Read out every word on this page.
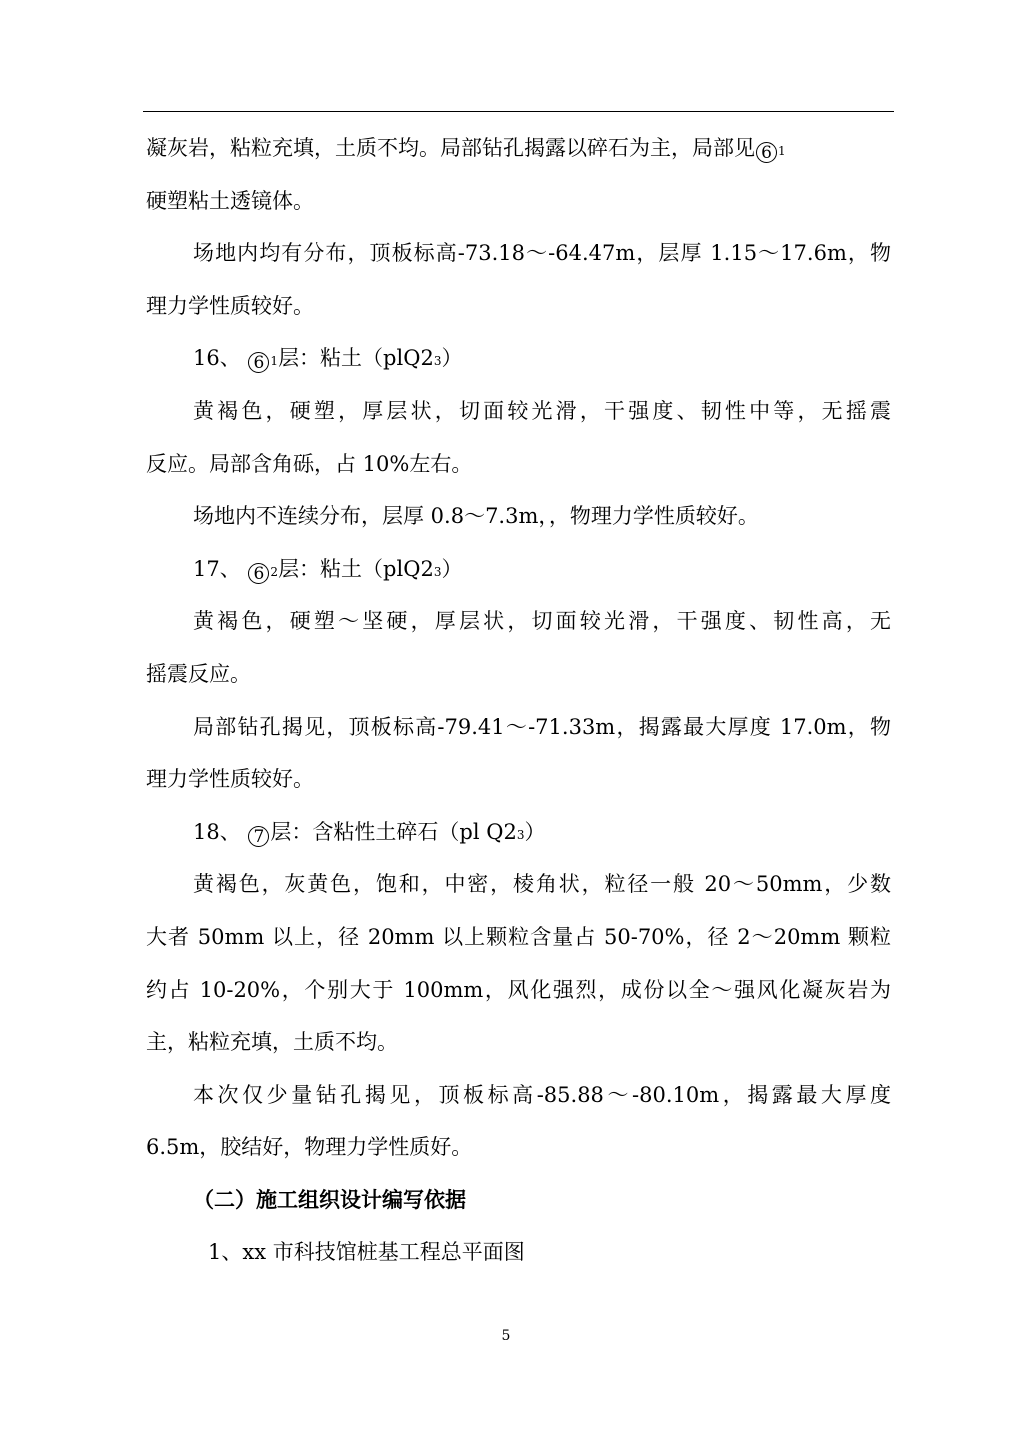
凝灰岩，粘粒充填，土质不均。局部钻孔揭露以碎石为主，局部见 6 1
硬塑粘土透镜体。
场地内均有分布，顶板标高-73.18～-64.47m，层厚 1.15～17.6m，物
理力学性质较好。
16、 6 1层：粘土（plQ23）
黄褐色，硬塑，厚层状，切面较光滑，干强度、韧性中等，无摇震
反应。局部含角砾，占 10%左右。
场地内不连续分布，层厚 0.8～7.3m，，物理力学性质较好。
17、 6 2层：粘土（plQ23）
黄褐色，硬塑～坚硬，厚层状，切面较光滑，干强度、韧性高，无
摇震反应。
局部钻孔揭见，顶板标高-79.41～-71.33m，揭露最大厚度 17.0m，物
理力学性质较好。
18、 7 层：含粘性土碎石（pl Q23）
黄褐色，灰黄色，饱和，中密，棱角状，粒径一般 20～50mm，少数
大者 50mm 以上，径 20mm 以上颗粒含量占 50-70%，径 2～20mm 颗粒
约占 10-20%，个别大于 100mm，风化强烈，成份以全～强风化凝灰岩为
主，粘粒充填，土质不均。
本次仅少量钻孔揭见，顶板标高-85.88～-80.10m，揭露最大厚度
6.5m，胶结好，物理力学性质好。
（二）施工组织设计编写依据
1、xx 市科技馆桩基工程总平面图
5
